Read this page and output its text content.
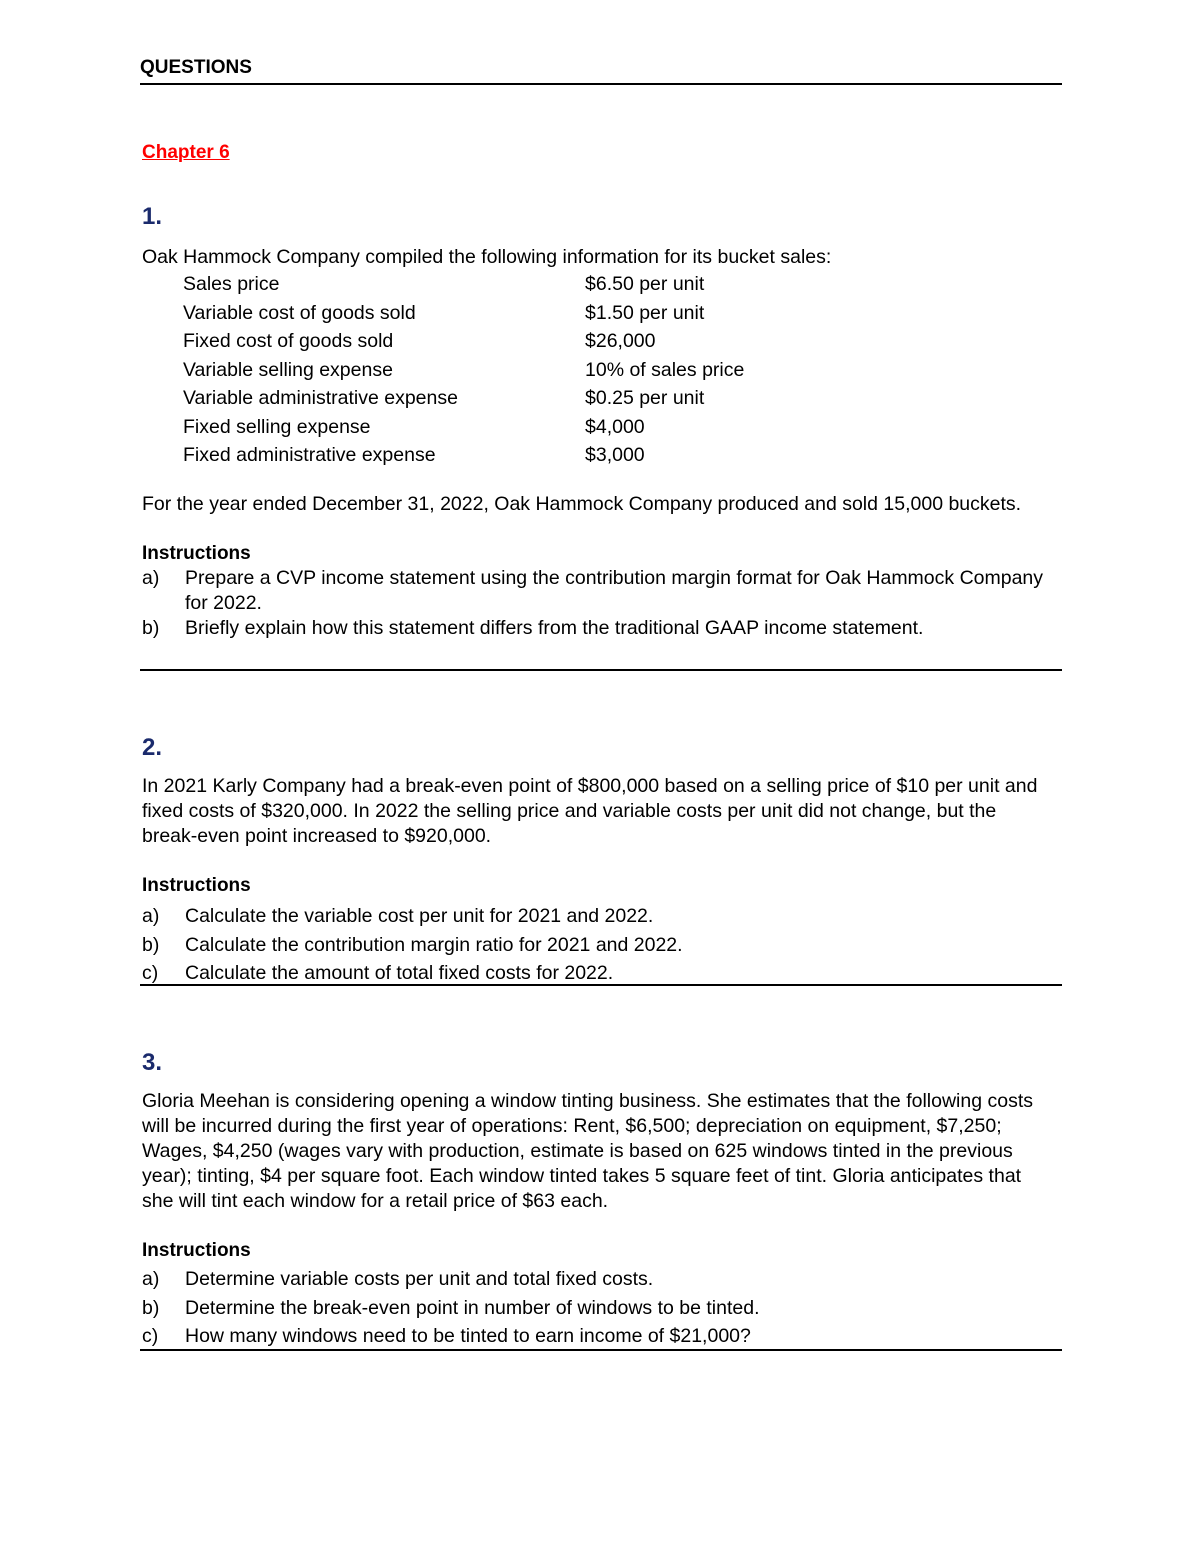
QUESTIONS
Chapter 6
1.
Oak Hammock Company compiled the following information for its bucket sales:
Sales price	$6.50 per unit
Variable cost of goods sold	$1.50 per unit
Fixed cost of goods sold	$26,000
Variable selling expense	10% of sales price
Variable administrative expense	$0.25 per unit
Fixed selling expense	$4,000
Fixed administrative expense	$3,000
For the year ended December 31, 2022, Oak Hammock Company produced and sold 15,000 buckets.
Instructions
a)	Prepare a CVP income statement using the contribution margin format for Oak Hammock Company for 2022.
b)	Briefly explain how this statement differs from the traditional GAAP income statement.
2.
In 2021 Karly Company had a break-even point of $800,000 based on a selling price of $10 per unit and fixed costs of $320,000. In 2022 the selling price and variable costs per unit did not change, but the break-even point increased to $920,000.
Instructions
a)	Calculate the variable cost per unit for 2021 and 2022.
b)	Calculate the contribution margin ratio for 2021 and 2022.
c)	Calculate the amount of total fixed costs for 2022.
3.
Gloria Meehan is considering opening a window tinting business. She estimates that the following costs will be incurred during the first year of operations: Rent, $6,500; depreciation on equipment, $7,250; Wages, $4,250 (wages vary with production, estimate is based on 625 windows tinted in the previous year); tinting, $4 per square foot. Each window tinted takes 5 square feet of tint. Gloria anticipates that she will tint each window for a retail price of $63 each.
Instructions
a)	Determine variable costs per unit and total fixed costs.
b)	Determine the break-even point in number of windows to be tinted.
c)	How many windows need to be tinted to earn income of $21,000?
